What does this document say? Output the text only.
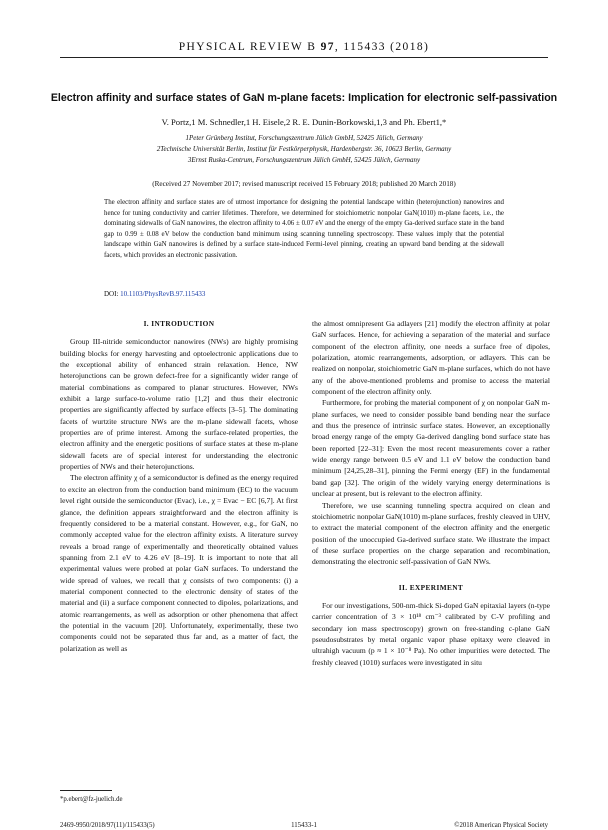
PHYSICAL REVIEW B 97, 115433 (2018)
Electron affinity and surface states of GaN m-plane facets: Implication for electronic self-passivation
V. Portz,1 M. Schnedler,1 H. Eisele,2 R. E. Dunin-Borkowski,1,3 and Ph. Ebert1,*
1Peter Grünberg Institut, Forschungszentrum Jülich GmbH, 52425 Jülich, Germany
2Technische Universität Berlin, Institut für Festkörperphysik, Hardenbergstr. 36, 10623 Berlin, Germany
3Ernst Ruska-Centrum, Forschungszentrum Jülich GmbH, 52425 Jülich, Germany
(Received 27 November 2017; revised manuscript received 15 February 2018; published 20 March 2018)

The electron affinity and surface states are of utmost importance for designing the potential landscape within (heterojunction) nanowires and hence for tuning conductivity and carrier lifetimes. Therefore, we determined for stoichiometric nonpolar GaN(1010) m-plane facets, i.e., the dominating sidewalls of GaN nanowires, the electron affinity to 4.06 ± 0.07 eV and the energy of the empty Ga-derived surface state in the band gap to 0.99 ± 0.08 eV below the conduction band minimum using scanning tunneling spectroscopy. These values imply that the potential landscape within GaN nanowires is defined by a surface state-induced Fermi-level pinning, creating an upward band bending at the sidewall facets, which provides an electronic passivation.

DOI: 10.1103/PhysRevB.97.115433
I. INTRODUCTION

Group III-nitride semiconductor nanowires (NWs) are highly promising building blocks for energy harvesting and optoelectronic applications due to the exceptional ability of enhanced strain relaxation. Hence, NW heterojunctions can be grown defect-free for a significantly wider range of material combinations as compared to planar structures. However, NWs exhibit a large surface-to-volume ratio [1,2] and thus their electronic properties are significantly affected by surface effects [3–5]. The dominating facets of wurtzite structure NWs are the m-plane sidewall facets, whose properties are of prime interest. Among the surface-related properties, the electron affinity and the energetic positions of surface states at these m-plane sidewall facets are of special interest for understanding the electronic properties of NWs and their heterojunctions.

The electron affinity χ of a semiconductor is defined as the energy required to excite an electron from the conduction band minimum (EC) to the vacuum level right outside the semiconductor (Evac), i.e., χ = Evac − EC [6,7]. At first glance, the definition appears straightforward and the electron affinity is frequently considered to be a material constant. However, e.g., for GaN, no commonly accepted value for the electron affinity exists. A literature survey reveals a broad range of experimentally and theoretically obtained values spanning from 2.1 eV to 4.26 eV [8–19]. It is important to note that all experimental values were probed at polar GaN surfaces. To understand the wide spread of values, we recall that χ consists of two components: (i) a material component connected to the electronic density of states of the material and (ii) a surface component connected to dipoles, polarizations, and atomic rearrangements, as well as adsorption or other phenomena that affect the potential in the vacuum [20]. Unfortunately, experimentally, these two components could not be separated thus far and, as a matter of fact, the polarization as well as

the almost omnipresent Ga adlayers [21] modify the electron affinity at polar GaN surfaces. Hence, for achieving a separation of the material and surface component of the electron affinity, one needs a surface free of dipoles, polarization, atomic rearrangements, adsorption, or adlayers. This can be realized on nonpolar, stoichiometric GaN m-plane surfaces, which do not have any of the above-mentioned problems and promise to access the material component of the electron affinity only.

Furthermore, for probing the material component of χ on nonpolar GaN m-plane surfaces, we need to consider possible band bending near the surface and thus the presence of intrinsic surface states. However, an exceptionally broad energy range of the empty Ga-derived dangling bond surface state has been reported [22–31]: Even the most recent measurements cover a rather wide energy range between 0.5 eV and 1.1 eV below the conduction band minimum [24,25,28–31], pinning the Fermi energy (EF) in the fundamental band gap [32]. The origin of the widely varying energy determinations is unclear at present, but is relevant to the electron affinity.

Therefore, we use scanning tunneling spectra acquired on clean and stoichiometric nonpolar GaN(1010) m-plane surfaces, freshly cleaved in UHV, to extract the material component of the electron affinity and the energetic position of the unoccupied Ga-derived surface state. We illustrate the impact of these surface properties on the charge separation and recombination, demonstrating the electronic self-passivation of GaN NWs.

II. EXPERIMENT

For our investigations, 500-nm-thick Si-doped GaN epitaxial layers (n-type carrier concentration of 3 × 10¹⁸ cm⁻³ calibrated by C-V profiling and secondary ion mass spectroscopy) grown on free-standing c-plane GaN pseudosubstrates by metal organic vapor phase epitaxy were cleaved in ultrahigh vacuum (p ≈ 1 × 10⁻⁸ Pa). No other impurities were detected. The freshly cleaved (1010) surfaces were investigated in situ

*p.ebert@fz-juelich.de
2469-9950/2018/97(11)/115433(5)	115433-1	©2018 American Physical Society
